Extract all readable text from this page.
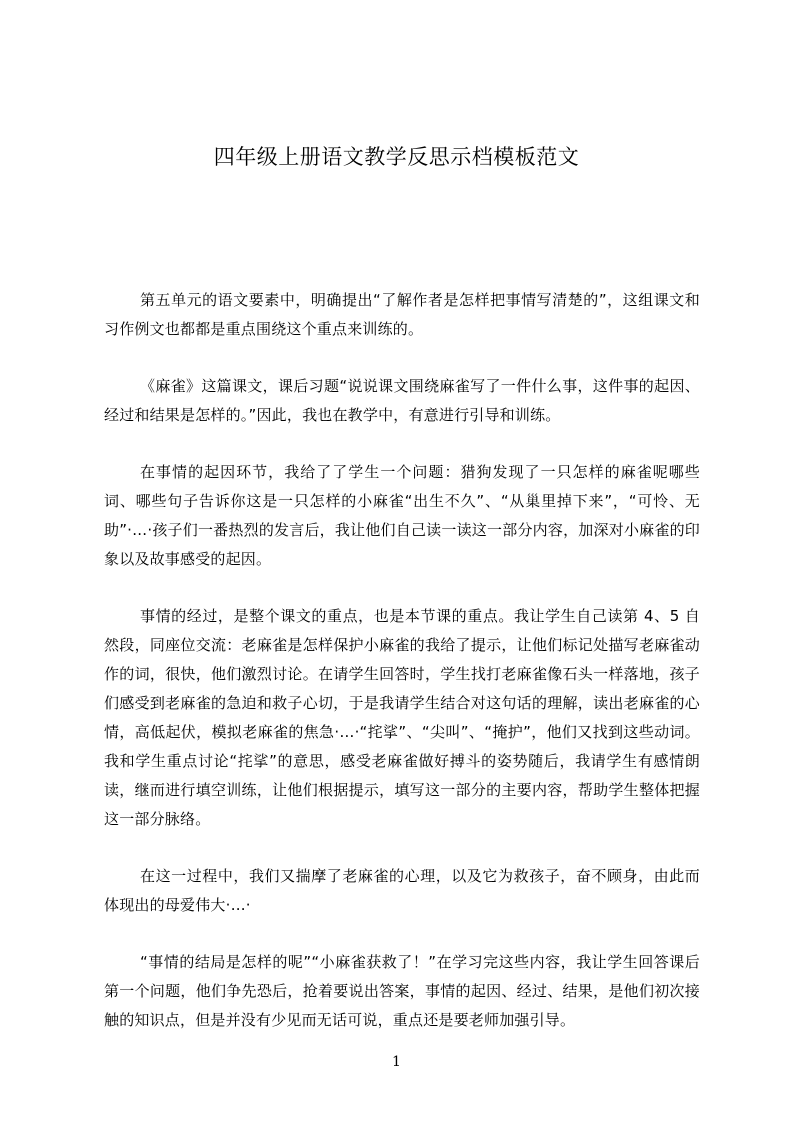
四年级上册语文教学反思示档模板范文

第五单元的语文要素中，明确提出“了解作者是怎样把事情写清楚的”，这组课文和习作例文也都都是重点围绕这个重点来训练的。

《麻雀》这篇课文，课后习题“说说课文围绕麻雀写了一件什么事，这件事的起因、经过和结果是怎样的。”因此，我也在教学中，有意进行引导和训练。

在事情的起因环节，我给了了学生一个问题：猎狗发现了一只怎样的麻雀呢哪些词、哪些句子告诉你这是一只怎样的小麻雀“出生不久”、“从巢里掉下来”，“可怜、无助”·…·孩子们一番热烈的发言后，我让他们自己读一读这一部分内容，加深对小麻雀的印象以及故事感受的起因。

事情的经过，是整个课文的重点，也是本节课的重点。我让学生自己读第 4、5 自然段，同座位交流：老麻雀是怎样保护小麻雀的我给了提示，让他们标记处描写老麻雀动作的词，很快，他们激烈讨论。在请学生回答时，学生找打老麻雀像石头一样落地，孩子们感受到老麻雀的急迫和救子心切，于是我请学生结合对这句话的理解，读出老麻雀的心情，高低起伏，模拟老麻雀的焦急·…·“挓挲”、“尖叫”、“掩护”，他们又找到这些动词。我和学生重点讨论“挓挲”的意思，感受老麻雀做好搏斗的姿势随后，我请学生有感情朗读，继而进行填空训练，让他们根据提示，填写这一部分的主要内容，帮助学生整体把握这一部分脉络。

在这一过程中，我们又揣摩了老麻雀的心理，以及它为救孩子，奋不顾身，由此而体现出的母爱伟大·…·

“事情的结局是怎样的呢”“小麻雀获救了！”在学习完这些内容，我让学生回答课后第一个问题，他们争先恐后，抢着要说出答案，事情的起因、经过、结果，是他们初次接触的知识点，但是并没有少见而无话可说，重点还是要老师加强引导。

1
